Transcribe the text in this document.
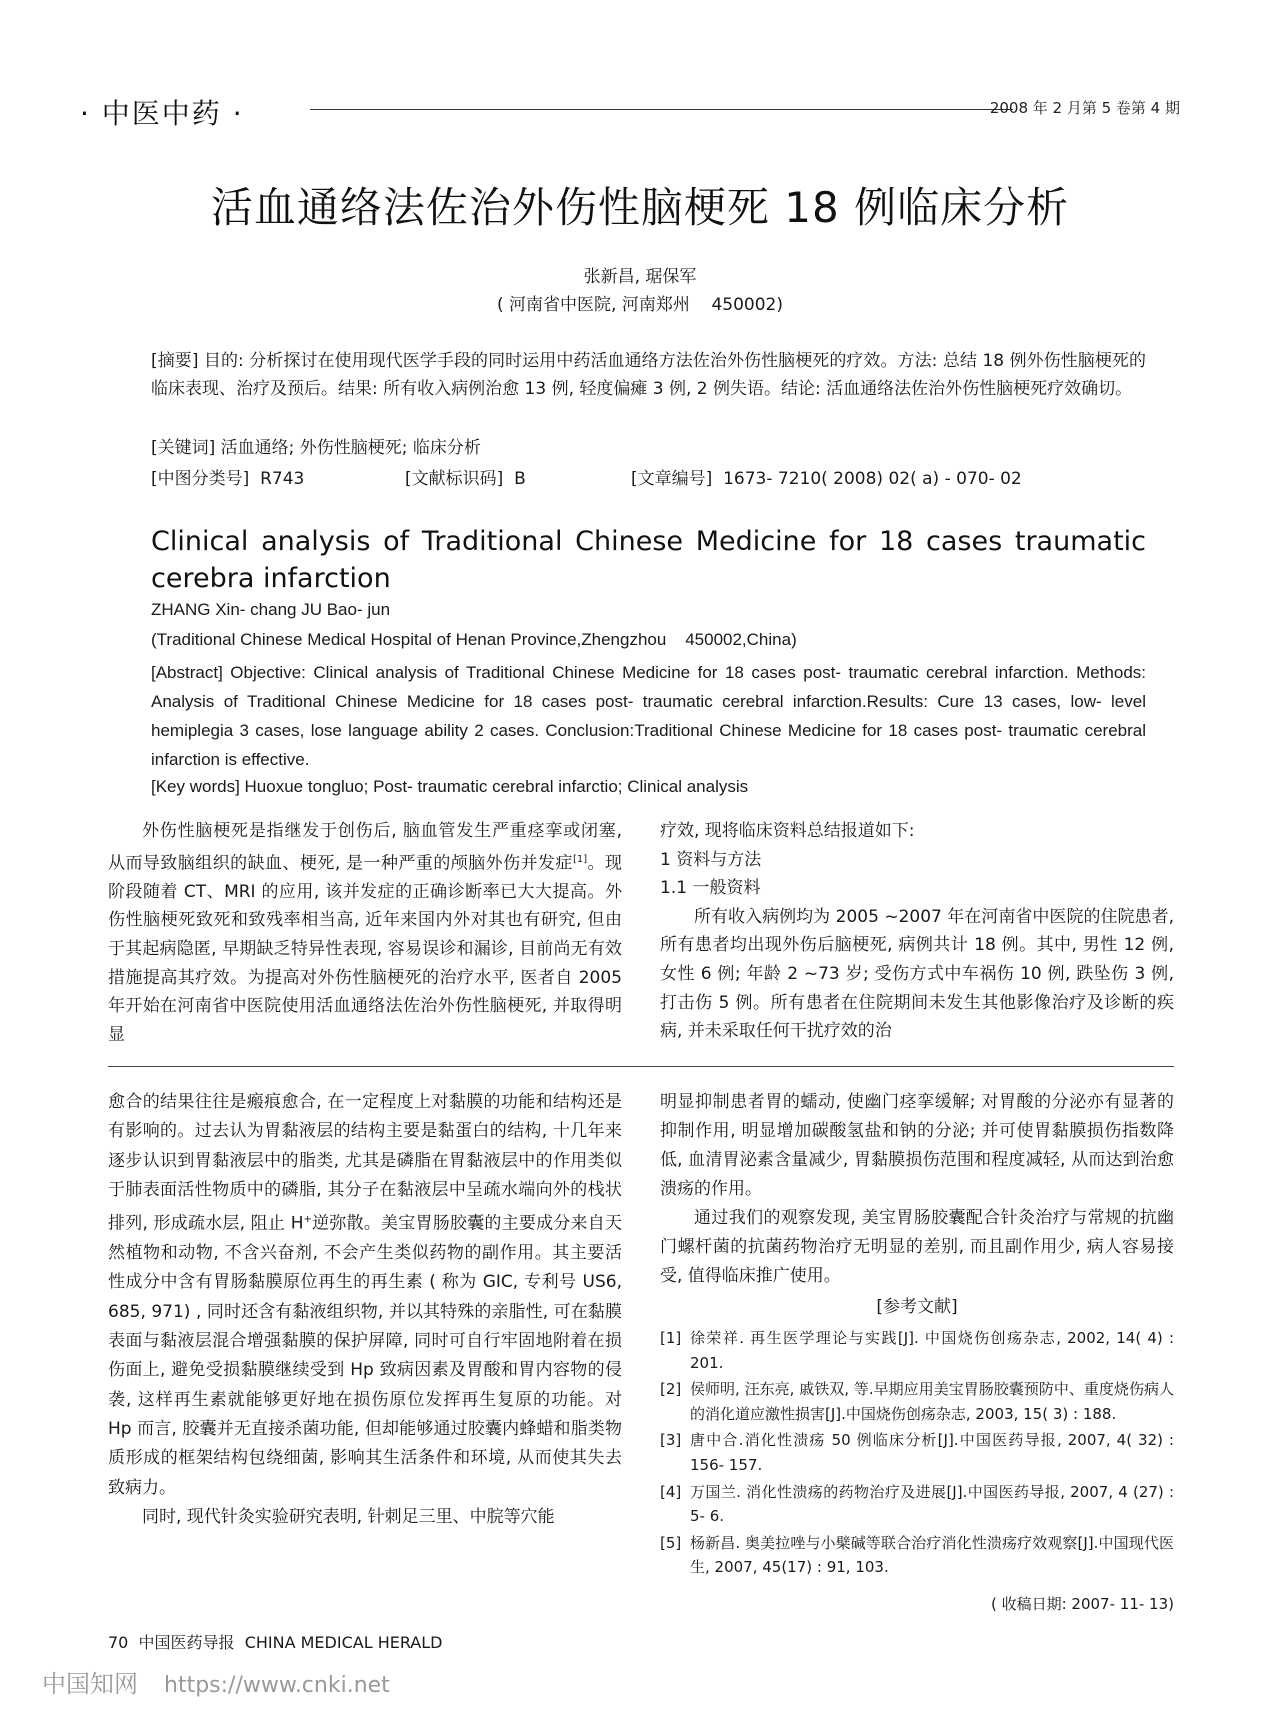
· 中医中药 ·	2008 年 2 月第 5 卷第 4 期
活血通络法佐治外伤性脑梗死 18 例临床分析
张新昌, 琚保军
( 河南省中医院, 河南郑州    450002)
[摘要] 目的: 分析探讨在使用现代医学手段的同时运用中药活血通络方法佐治外伤性脑梗死的疗效。方法: 总结 18 例外伤性脑梗死的临床表现、治疗及预后。结果: 所有收入病例治愈 13 例, 轻度偏瘫 3 例, 2 例失语。结论: 活血通络法佐治外伤性脑梗死疗效确切。
[关键词] 活血通络; 外伤性脑梗死; 临床分析
[中图分类号]  R743	[文献标识码]  B	[文章编号]  1673- 7210( 2008) 02( a) - 070- 02
Clinical analysis of Traditional Chinese Medicine for 18 cases traumatic cerebra infarction
ZHANG Xin- chang JU Bao- jun
(Traditional Chinese Medical Hospital of Henan Province,Zhengzhou    450002,China)
[Abstract] Objective: Clinical analysis of Traditional Chinese Medicine for 18 cases post- traumatic cerebral infarction. Methods: Analysis of Traditional Chinese Medicine for 18 cases post- traumatic cerebral infarction.Results: Cure 13 cases, low- level hemiplegia 3 cases, lose language ability 2 cases. Conclusion:Traditional Chinese Medicine for 18 cases post- traumatic cerebral infarction is effective.
[Key words] Huoxue tongluo; Post- traumatic cerebral infarctio; Clinical analysis

外伤性脑梗死是指继发于创伤后, 脑血管发生严重痉挛或闭塞, 从而导致脑组织的缺血、梗死, 是一种严重的颅脑外伤并发症[1]。现阶段随着 CT、MRI 的应用, 该并发症的正确诊断率已大大提高。外伤性脑梗死致死和致残率相当高, 近年来国内外对其也有研究, 但由于其起病隐匿, 早期缺乏特异性表现, 容易误诊和漏诊, 目前尚无有效措施提高其疗效。为提高对外伤性脑梗死的治疗水平, 医者自 2005 年开始在河南省中医院使用活血通络法佐治外伤性脑梗死, 并取得明显

疗效, 现将临床资料总结报道如下:

1 资料与方法

1.1 一般资料

所有收入病例均为 2005 ~2007 年在河南省中医院的住院患者, 所有患者均出现外伤后脑梗死, 病例共计 18 例。其中, 男性 12 例, 女性 6 例; 年龄 2 ~73 岁; 受伤方式中车祸伤 10 例, 跌坠伤 3 例, 打击伤 5 例。所有患者在住院期间未发生其他影像治疗及诊断的疾病, 并未采取任何干扰疗效的治

愈合的结果往往是瘢痕愈合, 在一定程度上对黏膜的功能和结构还是有影响的。过去认为胃黏液层的结构主要是黏蛋白的结构, 十几年来逐步认识到胃黏液层中的脂类, 尤其是磷脂在胃黏液层中的作用类似于肺表面活性物质中的磷脂, 其分子在黏液层中呈疏水端向外的栈状排列, 形成疏水层, 阻止 H+逆弥散。美宝胃肠胶囊的主要成分来自天然植物和动物, 不含兴奋剂, 不会产生类似药物的副作用。其主要活性成分中含有胃肠黏膜原位再生的再生素 ( 称为 GIC, 专利号 US6, 685, 971) , 同时还含有黏液组织物, 并以其特殊的亲脂性, 可在黏膜表面与黏液层混合增强黏膜的保护屏障, 同时可自行牢固地附着在损伤面上, 避免受损黏膜继续受到 Hp 致病因素及胃酸和胃内容物的侵袭, 这样再生素就能够更好地在损伤原位发挥再生复原的功能。对 Hp 而言, 胶囊并无直接杀菌功能, 但却能够通过胶囊内蜂蜡和脂类物质形成的框架结构包绕细菌, 影响其生活条件和环境, 从而使其失去致病力。

同时, 现代针灸实验研究表明, 针刺足三里、中脘等穴能

明显抑制患者胃的蠕动, 使幽门痉挛缓解; 对胃酸的分泌亦有显著的抑制作用, 明显增加碳酸氢盐和钠的分泌; 并可使胃黏膜损伤指数降低, 血清胃泌素含量减少, 胃黏膜损伤范围和程度减轻, 从而达到治愈溃疡的作用。

通过我们的观察发现, 美宝胃肠胶囊配合针灸治疗与常规的抗幽门螺杆菌的抗菌药物治疗无明显的差别, 而且副作用少, 病人容易接受, 值得临床推广使用。

[参考文献]
[1] 徐荣祥. 再生医学理论与实践[J]. 中国烧伤创疡杂志, 2002, 14( 4) : 201.
[2] 侯师明, 汪东亮, 戚铁双, 等.早期应用美宝胃肠胶囊预防中、重度烧伤病人的消化道应激性损害[J].中国烧伤创疡杂志, 2003, 15( 3) : 188.
[3] 唐中合.消化性溃疡 50 例临床分析[J].中国医药导报, 2007, 4( 32) : 156- 157.
[4] 万国兰. 消化性溃疡的药物治疗及进展[J].中国医药导报, 2007, 4 (27) : 5- 6.
[5] 杨新昌. 奥美拉唑与小檗碱等联合治疗消化性溃疡疗效观察[J].中国现代医生, 2007, 45(17) : 91, 103.
( 收稿日期: 2007- 11- 13)
70  中国医药导报  CHINA MEDICAL HERALD
中国知网 https://www.cnki.net
